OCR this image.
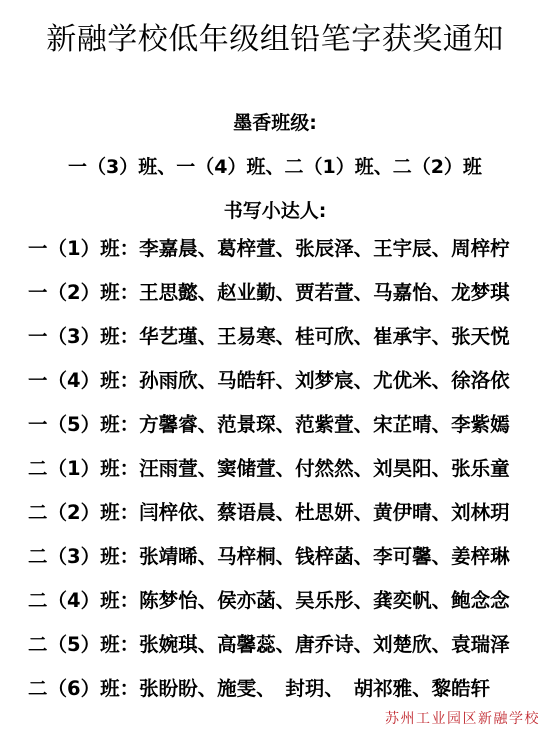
新融学校低年级组铅笔字获奖通知
墨香班级:
一（3）班、一（4）班、二（1）班、二（2）班
书写小达人:
一（1）班：李嘉晨、葛梓萱、张辰泽、王宇辰、周梓柠
一（2）班：王思懿、赵业勤、贾若萱、马嘉怡、龙梦琪
一（3）班：华艺瑾、王易寒、桂可欣、崔承宇、张天悦
一（4）班：孙雨欣、马皓轩、刘梦宸、尤优米、徐洛依
一（5）班：方馨睿、范景琛、范紫萱、宋芷晴、李紫嫣
二（1）班：汪雨萱、窦储萱、付然然、刘昊阳、张乐童
二（2）班：闫梓依、蔡语晨、杜思妍、黄伊晴、刘林玥
二（3）班：张靖晞、马梓桐、钱梓菡、李可馨、姜梓琳
二（4）班：陈梦怡、侯亦菡、吴乐彤、龚奕帆、鲍念念
二（5）班：张婉琪、高馨蕊、唐乔诗、刘楚欣、袁瑞泽
二（6）班：张盼盼、施雯、　封玥、　胡祁雅、黎皓轩
苏州工业园区新融学校
